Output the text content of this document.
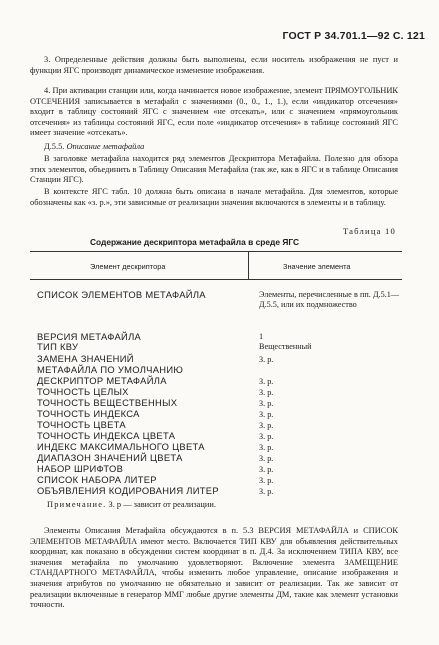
ГОСТ Р 34.701.1—92 С. 121

3. Определенные действия должны быть выполнены, если носитель изображения не пуст и функции ЯГС производят динамическое изменение изображения.

4. При активации станции или, когда начинается новое изображение, элемент ПРЯМОУГОЛЬНИК ОТСЕЧЕНИЯ записывается в метафайл с значениями (0., 0., 1., 1.), если «индикатор отсечения» входит в таблицу состояний ЯГС с значением «не отсекать», или с значением «прямоугольник отсечения» из таблицы состояний ЯГС, если поле «индикатор отсечения» в таблице состояний ЯГС имеет значение «отсекать».

Д.5.5. Описание метафайла

В заголовке метафайла находится ряд элементов Дескриптора Метафайла. Полезно для обзора этих элементов, объединить в Таблицу Описания Метафайла (так же, как в ЯГС и в таблице Описания Станции ЯГС).

В контексте ЯГС табл. 10 должна быть описана в начале метафайла. Для элементов, которые обозначены как «з. р.», эти зависимые от реализации значения включаются в элементы и в таблицу.

Таблица 10
Содержание дескриптора метафайла в среде ЯГС
Элемент дескриптора	Значение элемента
СПИСОК ЭЛЕМЕНТОВ МЕТАФАЙЛА	Элементы, перечисленные в пп. Д.5.1—Д.5.5, или их подмножество
ВЕРСИЯ МЕТАФАЙЛА	1
ТИП КВУ	Вещественный
ЗАМЕНА ЗНАЧЕНИЙ	З. р.
МЕТАФАЙЛА ПО УМОЛЧАНИЮ
ДЕСКРИПТОР МЕТАФАЙЛА	З. р.
ТОЧНОСТЬ ЦЕЛЫХ	З. р.
ТОЧНОСТЬ ВЕЩЕСТВЕННЫХ	З. р.
ТОЧНОСТЬ ИНДЕКСА	З. р.
ТОЧНОСТЬ ЦВЕТА	З. р.
ТОЧНОСТЬ ИНДЕКСА ЦВЕТА	З. р.
ИНДЕКС МАКСИМАЛЬНОГО ЦВЕТА	З. р.
ДИАПАЗОН ЗНАЧЕНИЙ ЦВЕТА	З. р.
НАБОР ШРИФТОВ	З. р.
СПИСОК НАБОРА ЛИТЕР	З. р.
ОБЪЯВЛЕНИЯ КОДИРОВАНИЯ ЛИТЕР	З. р.
Примечание. З. р — зависит от реализации.

Элементы Описания Метафайла обсуждаются в п. 5.3 ВЕРСИЯ МЕТАФАЙЛА и СПИСОК ЭЛЕМЕНТОВ МЕТАФАЙЛА имеют место. Включается ТИП КВУ для объявления действительных координат, как показано в обсуждении систем координат в п. Д.4. За исключением ТИПА КВУ, все значения метафайла по умолчанию удовлетворяют. Включение элемента ЗАМЕЩЕНИЕ СТАНДАРТНОГО МЕТАФАЙЛА, чтобы изменить любое управление, описание изображения и значения атрибутов по умолчанию не обязательно и зависит от реализации. Так же зависит от реализации включенные в генератор ММГ любые другие элементы ДМ, такие как элемент установки точности.
